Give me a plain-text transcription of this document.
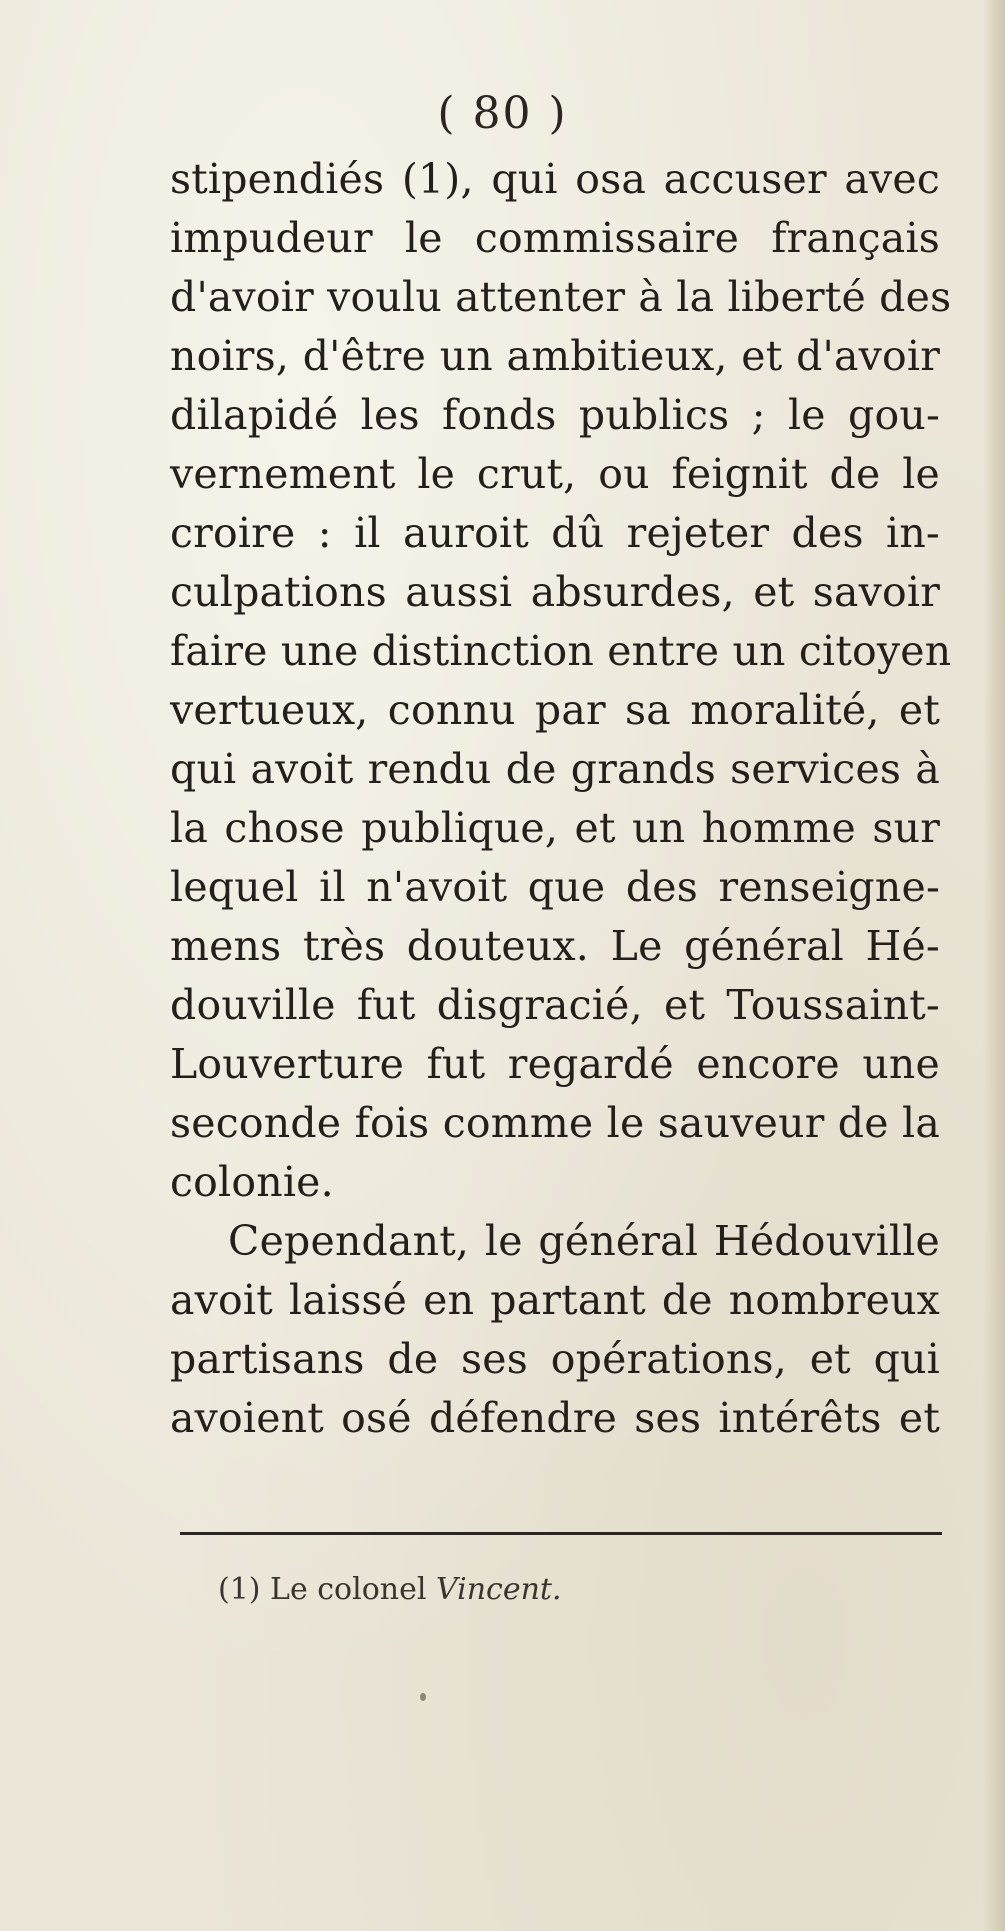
( 80 )
stipendiés (1), qui osa accuser avec
impudeur le commissaire français
d'avoir voulu attenter à la liberté des
noirs, d'être un ambitieux, et d'avoir
dilapidé les fonds publics ; le gou-
vernement le crut, ou feignit de le
croire : il auroit dû rejeter des in-
culpations aussi absurdes, et savoir
faire une distinction entre un citoyen
vertueux, connu par sa moralité, et
qui avoit rendu de grands services à
la chose publique, et un homme sur
lequel il n'avoit que des renseigne-
mens très douteux. Le général Hé-
douville fut disgracié, et Toussaint-
Louverture fut regardé encore une
seconde fois comme le sauveur de la
colonie.
Cependant, le général Hédouville
avoit laissé en partant de nombreux
partisans de ses opérations, et qui
avoient osé défendre ses intérêts et
(1) Le colonel Vincent.
